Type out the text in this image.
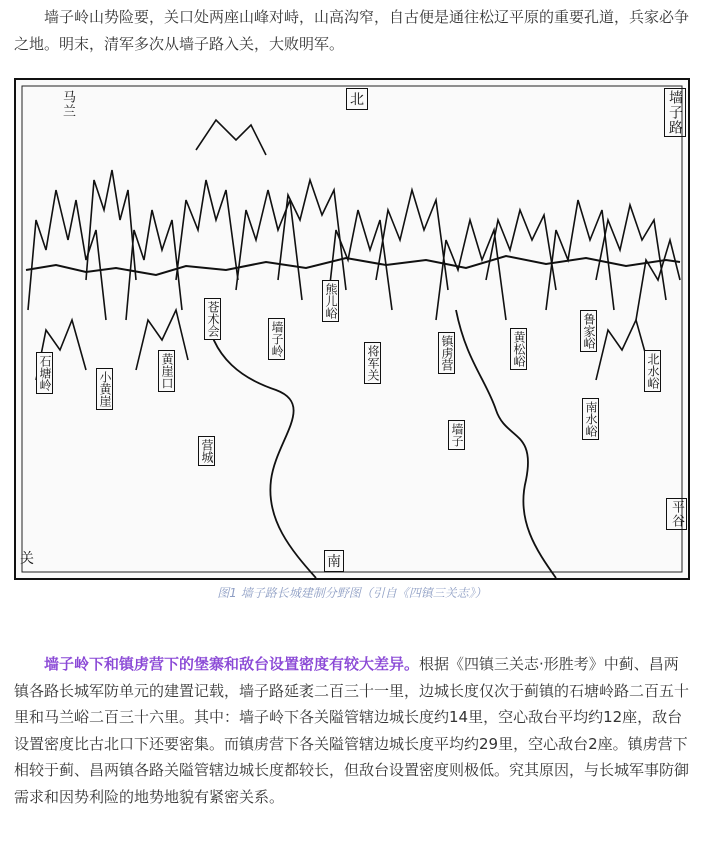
墙子岭山势险要，关口处两座山峰对峙，山高沟窄，自古便是通往松辽平原的重要孔道，兵家必争之地。明末，清军多次从墙子路入关，大败明军。

北
马兰	墙子路
关	南
平谷
石塘岭	小黄崖	黄崖口
苍术会
墙子岭
熊儿峪
将军关	镇虏营	黄松峪	鲁家峪
北水峪
南水峪
墙子
营城
图1 墙子路长城建制分野图（引自《四镇三关志》）

墙子岭下和镇虏营下的堡寨和敌台设置密度有较大差异。根据《四镇三关志·形胜考》中蓟、昌两镇各路长城军防单元的建置记载，墙子路延袤二百三十一里，边城长度仅次于蓟镇的石塘岭路二百五十里和马兰峪二百三十六里。其中：墙子岭下各关隘管辖边城长度约14里，空心敌台平均约12座，敌台设置密度比古北口下还要密集。而镇虏营下各关隘管辖边城长度平均约29里，空心敌台2座。镇虏营下相较于蓟、昌两镇各路关隘管辖边城长度都较长，但敌台设置密度则极低。究其原因，与长城军事防御需求和因势利险的地势地貌有紧密关系。
